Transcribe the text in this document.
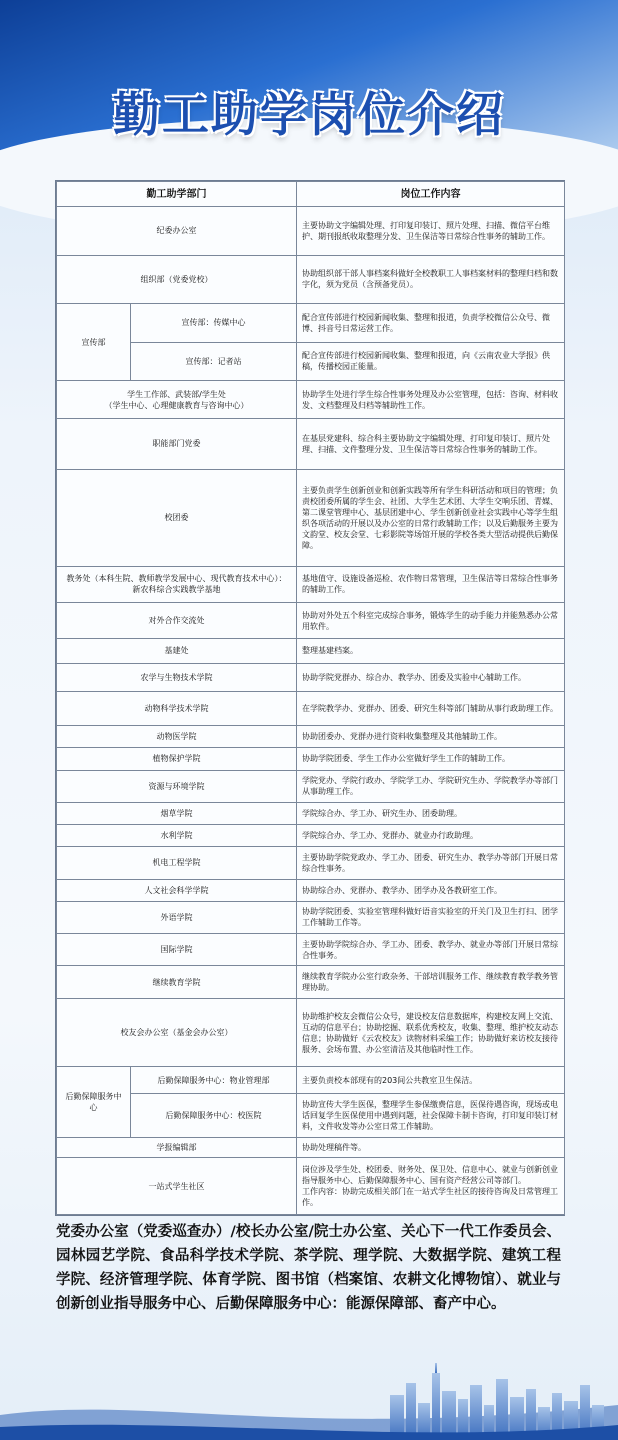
勤工助学岗位介绍
勤工助学部门		岗位工作内容
纪委办公室		主要协助文字编辑处理、打印复印装订、照片处理、扫描、微信平台维护、期刊报纸收取整理分发、卫生保洁等日常综合性事务的辅助工作。
组织部（党委党校）		协助组织部干部人事档案科做好全校教职工人事档案材料的整理归档和数字化，须为党员（含预备党员）。
宣传部	宣传部：传媒中心	配合宣传部进行校园新闻收集、整理和报道，负责学校微信公众号、微博、抖音号日常运营工作。
	宣传部：记者站	配合宣传部进行校园新闻收集、整理和报道，向《云南农业大学报》供稿，传播校园正能量。

学生工作部、武装部/学生处
（学生中心、心理健康教育与咨询中心）		协助学生处进行学生综合性事务处理及办公室管理，包括：咨询、材料收发、文档整理及归档等辅助性工作。
职能部门党委		在基层党建科、综合科主要协助文字编辑处理、打印复印装订、照片处理、扫描、文件整理分发、卫生保洁等日常综合性事务的辅助工作。
校团委		主要负责学生创新创业和创新实践等所有学生科研活动和项目的管理；负责校团委所属的学生会、社团、大学生艺术团、大学生交响乐团、青媒、第二课堂管理中心、基层团建中心、学生创新创业社会实践中心等学生组织各项活动的开展以及办公室的日常行政辅助工作；以及后勤服务主要为文韵堂、校友会堂、七彩影院等场馆开展的学校各类大型活动提供后勤保障。

教务处（本科生院、教师教学发展中心、现代教育技术中心）：
新农科综合实践教学基地		基地值守、设施设备巡检、农作物日常管理，卫生保洁等日常综合性事务的辅助工作。
对外合作交流处		协助对外处五个科室完成综合事务，锻炼学生的动手能力并能熟悉办公常用软件。
基建处		整理基建档案。
农学与生物技术学院		协助学院党群办、综合办、教学办、团委及实验中心辅助工作。
动物科学技术学院		在学院教学办、党群办、团委、研究生科等部门辅助从事行政助理工作。
动物医学院		协助团委办、党群办进行资料收集整理及其他辅助工作。
植物保护学院		协助学院团委、学生工作办公室做好学生工作的辅助工作。
资源与环境学院		学院党办、学院行政办、学院学工办、学院研究生办、学院教学办等部门从事助理工作。
烟草学院		学院综合办、学工办、研究生办、团委助理。
水利学院		学院综合办、学工办、党群办、就业办行政助理。
机电工程学院		主要协助学院党政办、学工办、团委、研究生办、教学办等部门开展日常综合性事务。
人文社会科学学院		协助综合办、党群办、教学办、团学办及各教研室工作。
外语学院		协助学院团委、实验室管理科做好语音实验室的开关门及卫生打扫、团学工作辅助工作等。
国际学院		主要协助学院综合办、学工办、团委、教学办、就业办等部门开展日常综合性事务。
继续教育学院		继续教育学院办公室行政杂务、干部培训服务工作、继续教育教学教务管理协助。
校友会办公室（基金会办公室）		协助维护校友会微信公众号，建设校友信息数据库，构建校友网上交流、互动的信息平台；协助挖掘、联系优秀校友，收集、整理、维护校友动态信息；协助做好《云农校友》读物材料采编工作；协助做好来访校友接待服务、会场布置、办公室清洁及其他临时性工作。
后勤保障服务中心	后勤保障服务中心：物业管理部	主要负责校本部现有的203间公共教室卫生保洁。
	后勤保障服务中心：校医院	协助宣传大学生医保，整理学生参保缴费信息，医保待遇咨询，现场或电话回复学生医保使用中遇到问题，社会保障卡制卡咨询，打印复印装订材料，文件收发等办公室日常工作辅助。
学报编辑部		协助处理稿件等。
一站式学生社区		岗位涉及学生处、校团委、财务处、保卫处、信息中心、就业与创新创业指导服务中心、后勤保障服务中心、国有资产经营公司等部门。
工作内容：协助完成相关部门在一站式学生社区的接待咨询及日常管理工作。
党委办公室（党委巡查办）/校长办公室/院士办公室、关心下一代工作委员会、园林园艺学院、食品科学技术学院、茶学院、理学院、大数据学院、建筑工程学院、经济管理学院、体育学院、图书馆（档案馆、农耕文化博物馆）、就业与创新创业指导服务中心、后勤保障服务中心：能源保障部、畜产中心。
